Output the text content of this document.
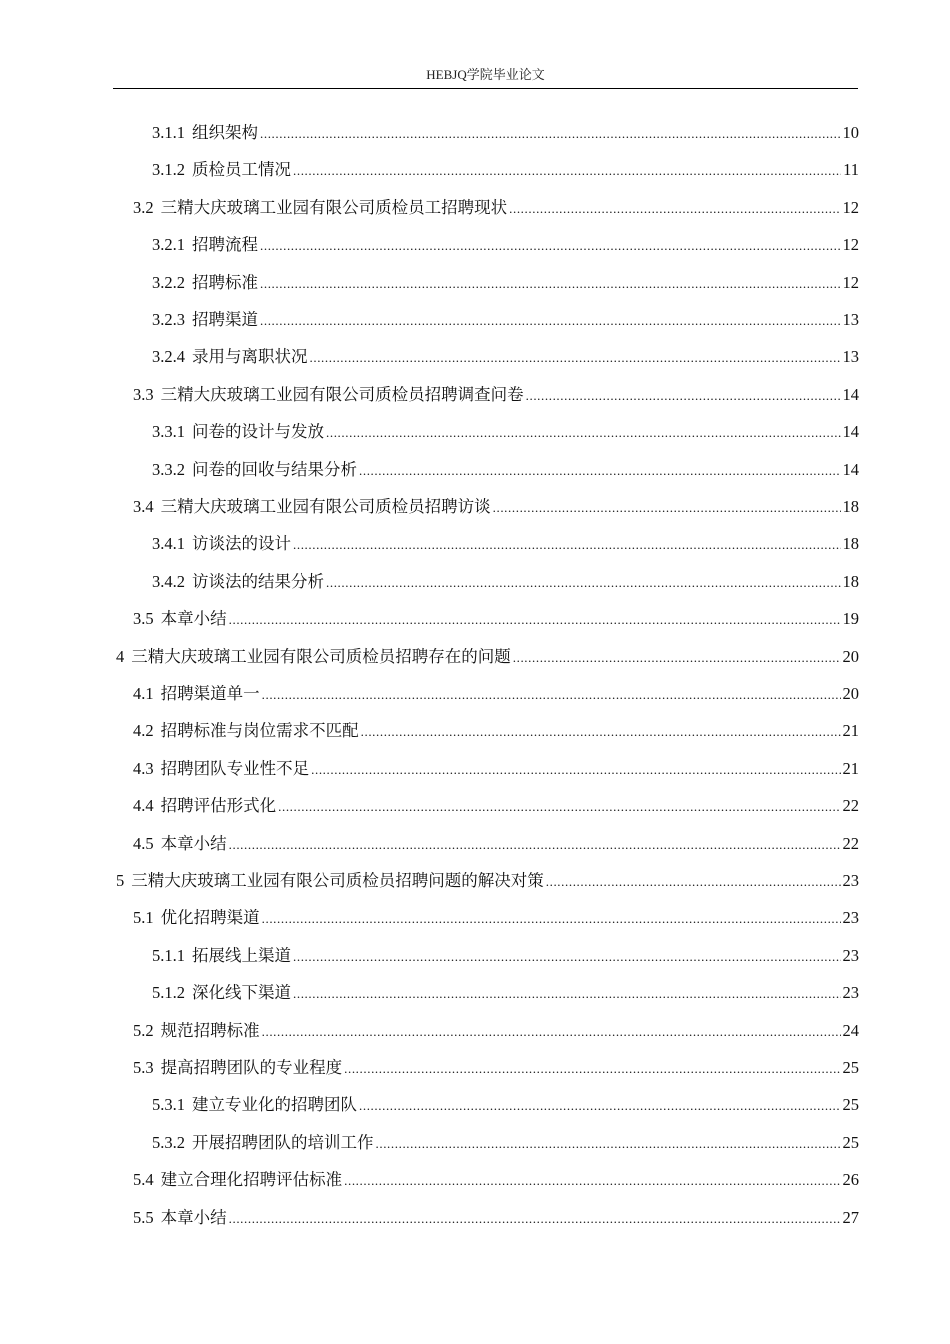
HEBJQ学院毕业论文
3.1.1 组织架构 .....	10
3.1.2 质检员工情况 .....	11
3.2 三精大庆玻璃工业园有限公司质检员工招聘现状 .....	12
3.2.1 招聘流程 .....	12
3.2.2 招聘标准 .....	12
3.2.3 招聘渠道 .....	13
3.2.4 录用与离职状况 .....	13
3.3 三精大庆玻璃工业园有限公司质检员招聘调查问卷 .....	14
3.3.1 问卷的设计与发放 .....	14
3.3.2 问卷的回收与结果分析 .....	14
3.4 三精大庆玻璃工业园有限公司质检员招聘访谈 .....	18
3.4.1 访谈法的设计 .....	18
3.4.2 访谈法的结果分析 .....	18
3.5 本章小结 .....	19
4 三精大庆玻璃工业园有限公司质检员招聘存在的问题 .....	20
4.1 招聘渠道单一 .....	20
4.2 招聘标准与岗位需求不匹配 .....	21
4.3 招聘团队专业性不足 .....	21
4.4 招聘评估形式化 .....	22
4.5 本章小结 .....	22
5 三精大庆玻璃工业园有限公司质检员招聘问题的解决对策 .....	23
5.1 优化招聘渠道 .....	23
5.1.1 拓展线上渠道 .....	23
5.1.2 深化线下渠道 .....	23
5.2 规范招聘标准 .....	24
5.3 提高招聘团队的专业程度 .....	25
5.3.1 建立专业化的招聘团队 .....	25
5.3.2 开展招聘团队的培训工作 .....	25
5.4 建立合理化招聘评估标准 .....	26
5.5 本章小结 .....	27
